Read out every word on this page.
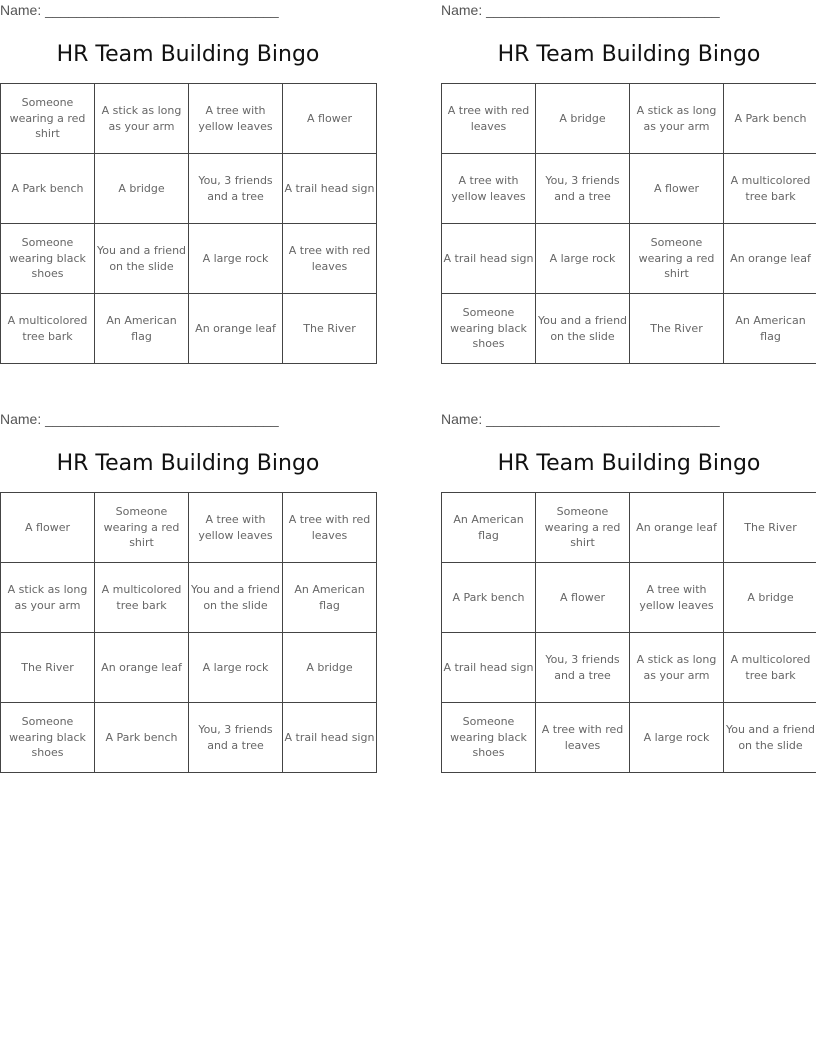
Name: ______________________________
HR Team Building Bingo
Someone wearing a red shirt	A stick as long as your arm	A tree with yellow leaves	A flower
A Park bench	A bridge	You, 3 friends and a tree	A trail head sign
Someone wearing black shoes	You and a friend on the slide	A large rock	A tree with red leaves
A multicolored tree bark	An American flag	An orange leaf	The River
Name: ______________________________
HR Team Building Bingo
A tree with red leaves	A bridge	A stick as long as your arm	A Park bench
A tree with yellow leaves	You, 3 friends and a tree	A flower	A multicolored tree bark
A trail head sign	A large rock	Someone wearing a red shirt	An orange leaf
Someone wearing black shoes	You and a friend on the slide	The River	An American flag
Name: ______________________________
HR Team Building Bingo
A flower	Someone wearing a red shirt	A tree with yellow leaves	A tree with red leaves
A stick as long as your arm	A multicolored tree bark	You and a friend on the slide	An American flag
The River	An orange leaf	A large rock	A bridge
Someone wearing black shoes	A Park bench	You, 3 friends and a tree	A trail head sign
Name: ______________________________
HR Team Building Bingo
An American flag	Someone wearing a red shirt	An orange leaf	The River
A Park bench	A flower	A tree with yellow leaves	A bridge
A trail head sign	You, 3 friends and a tree	A stick as long as your arm	A multicolored tree bark
Someone wearing black shoes	A tree with red leaves	A large rock	You and a friend on the slide
